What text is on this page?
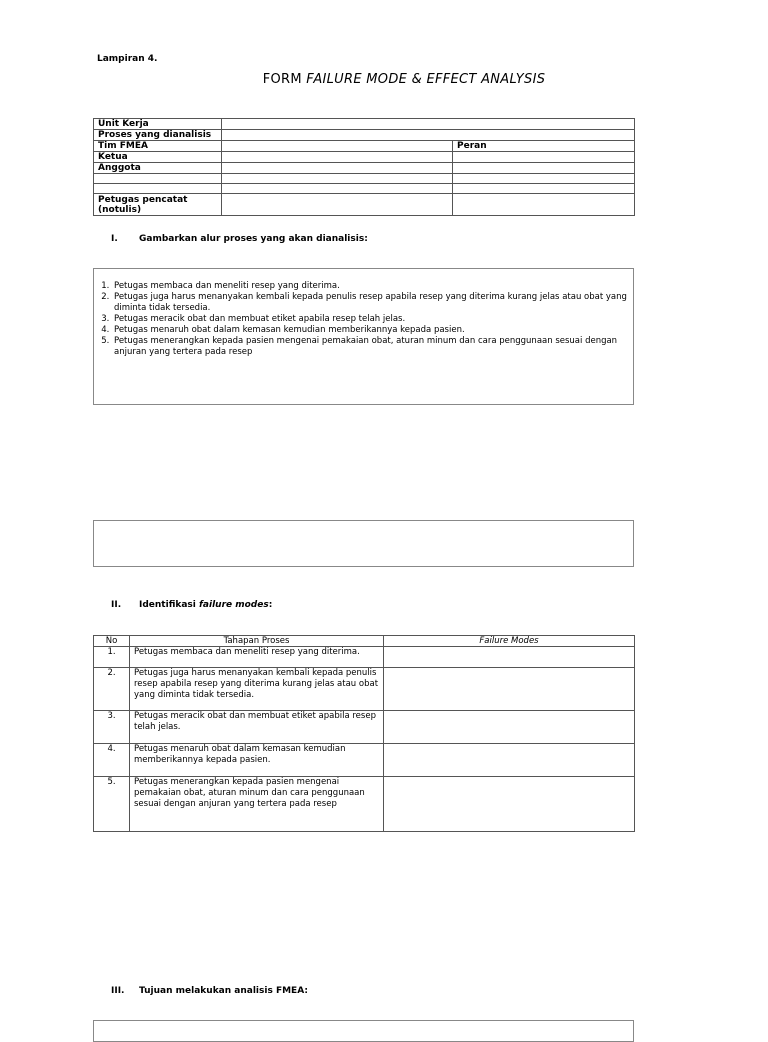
Lampiran 4.
FORM FAILURE MODE & EFFECT ANALYSIS
Unit Kerja		
Proses yang dianalisis		
Tim FMEA		Peran
Ketua		
Anggota		

Petugas pencatat (notulis)		
I. Gambarkan alur proses yang akan dianalisis:
1. Petugas membaca dan meneliti resep yang diterima.
2. Petugas juga harus menanyakan kembali kepada penulis resep apabila resep yang diterima kurang jelas atau obat yang diminta tidak tersedia.
3. Petugas meracik obat dan membuat etiket apabila resep telah jelas.
4. Petugas menaruh obat dalam kemasan kemudian memberikannya kepada pasien.
5. Petugas menerangkan kepada pasien mengenai pemakaian obat, aturan minum dan cara penggunaan sesuai dengan anjuran yang tertera pada resep
II. Identifikasi failure modes:
No	Tahapan Proses	Failure Modes
1.	Petugas membaca dan meneliti resep yang diterima.	
2.	Petugas juga harus menanyakan kembali kepada penulis resep apabila resep yang diterima kurang jelas atau obat yang diminta tidak tersedia.	
3.	Petugas meracik obat dan membuat etiket apabila resep telah jelas.	
4.	Petugas menaruh obat dalam kemasan kemudian memberikannya kepada pasien.	
5.	Petugas menerangkan kepada pasien mengenai pemakaian obat, aturan minum dan cara penggunaan sesuai dengan anjuran yang tertera pada resep	
III. Tujuan melakukan analisis FMEA:
